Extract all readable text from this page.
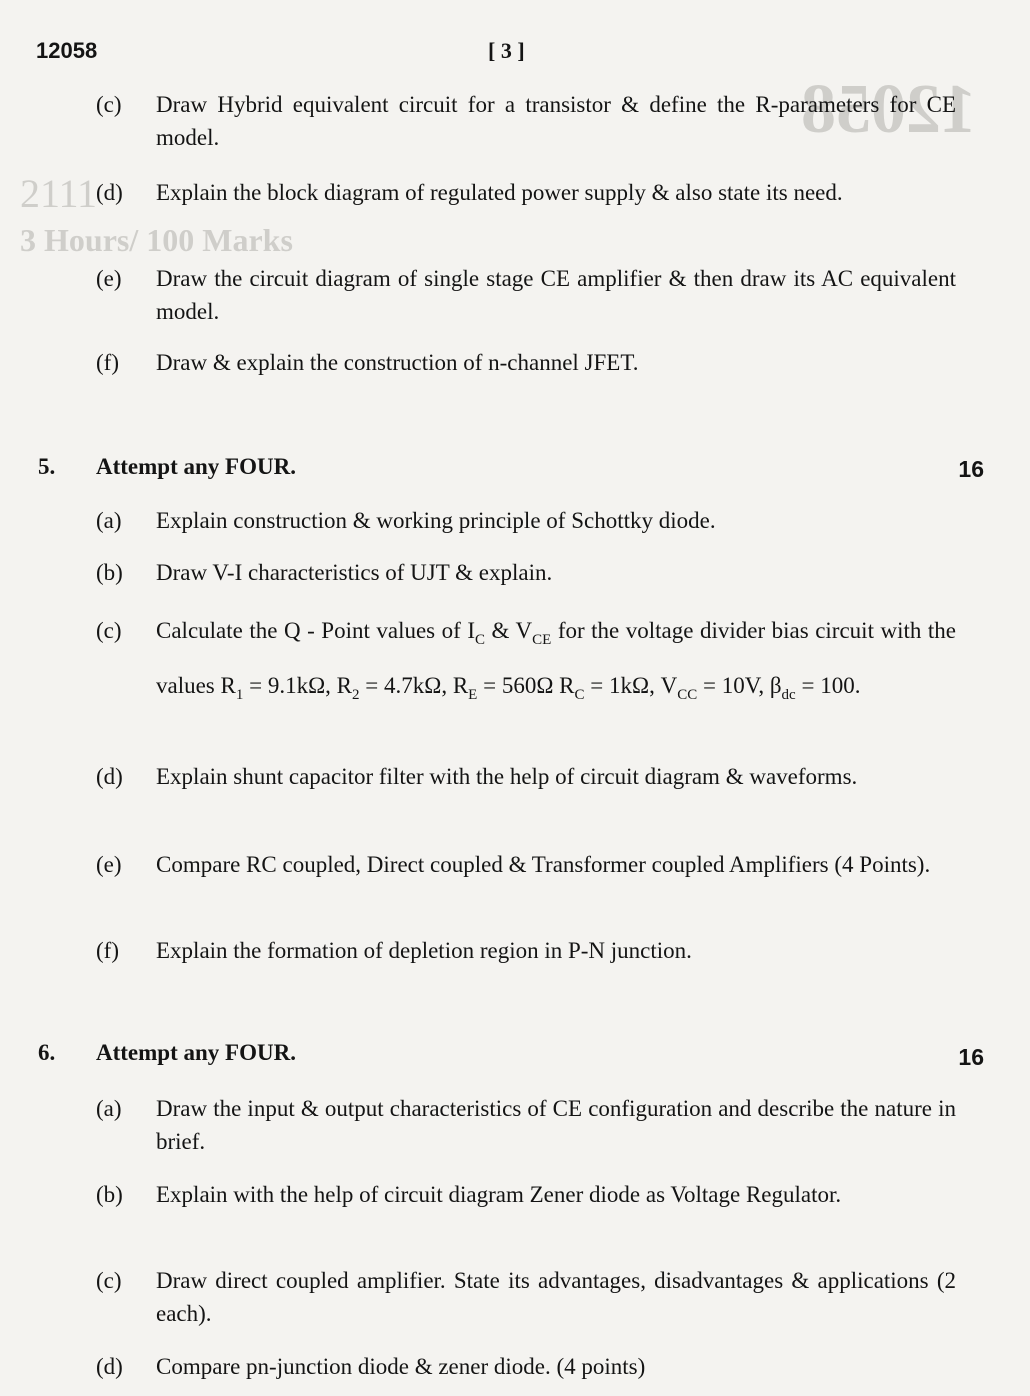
12058
2111
3 Hours/ 100 Marks
12058	[ 3 ]
(c)	Draw Hybrid equivalent circuit for a transistor & define the R-parameters for CE model.
(d)	Explain the block diagram of regulated power supply & also state its need.
(e)	Draw the circuit diagram of single stage CE amplifier & then draw its AC equivalent model.
(f)	Draw & explain the construction of n-channel JFET.
5. Attempt any FOUR.	16
(a)	Explain construction & working principle of Schottky diode.
(b)	Draw V-I characteristics of UJT & explain.
(c)	Calculate the Q - Point values of $I_C$ & $V_{CE}$ for the voltage divider bias circuit with the values $R_1 = 9.1k\Omega$, $R_2 = 4.7k\Omega$, $R_E = 560\Omega$ $R_C = 1k\Omega$, $V_{CC} = 10V$, $\beta_{dc} = 100$.
(d)	Explain shunt capacitor filter with the help of circuit diagram & waveforms.
(e)	Compare RC coupled, Direct coupled & Transformer coupled Amplifiers (4 Points).
(f)	Explain the formation of depletion region in P-N junction.
6. Attempt any FOUR.	16
(a)	Draw the input & output characteristics of CE configuration and describe the nature in brief.
(b)	Explain with the help of circuit diagram Zener diode as Voltage Regulator.
(c)	Draw direct coupled amplifier. State its advantages, disadvantages & applications (2 each).
(d)	Compare pn-junction diode & zener diode. (4 points)
